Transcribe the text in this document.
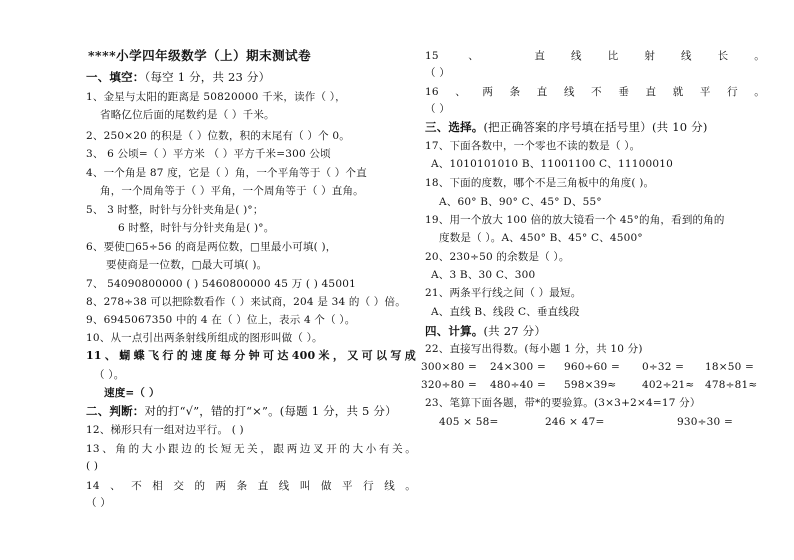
****小学四年级数学（上）期末测试卷
一、填空：（每空 1 分，共 23 分）
1、金星与太阳的距离是 50820000 千米，读作（ ），
省略亿位后面的尾数约是（ ）千米。
2、250×20 的积是（ ）位数，积的末尾有（ ）个 0。
3、 6 公顷=（ ）平方米 （ ）平方千米=300 公顷
4、一个角是 87 度，它是（ ）角，一个平角等于（ ）个直
角，一个周角等于（ ）平角，一个周角等于（ ）直角。
5、 3 时整，时针与分针夹角是( )°；
6 时整，时针与分针夹角是( )°。
6、要使□65÷56 的商是两位数，□里最小可填( )，
要使商是一位数，□最大可填( )。
7、 54090800000 ( ) 5460800000 45 万 ( ) 45001
8、278÷38 可以把除数看作（ ）来试商，204 是 34 的（ ）倍。
9、6945067350 中的 4 在（ ）位上，表示 4 个（ ）。
10、从一点引出两条射线所组成的图形叫做（ ）。
11、蝴蝶飞行的速度每分钟可达400米，又可以写成
（ ）。
速度=（ ）
二、判断：对的打“√”，错的打“×”。(每题 1 分，共 5 分）
12、梯形只有一组对边平行。 ( )
13、角的大小跟边的长短无关，跟两边叉开的大小有关。
( )
14、不相交的两条直线叫做平行线。
（ ）
15 、 直线比射线长。
（ ）
16、两条直线不垂直就平行。
（ ）
三、选择。(把正确答案的序号填在括号里）(共 10 分)
17、下面各数中，一个零也不读的数是（ ）。
A、1010101010 B、11001100 C、11100010
18、下面的度数，哪个不是三角板中的角度( )。
A、60° B、90° C、45° D、55°
19、用一个放大 100 倍的放大镜看一个 45°的角，看到的角的
度数是（ ）。A、450° B、45° C、4500°
20、230÷50 的余数是（ ）。
A、3 B、30 C、300
21、两条平行线之间（ ）最短。
A、直线 B、线段 C、垂直线段
四、计算。(共 27 分）
22、直接写出得数。(每小题 1 分，共 10 分)
300×80 = 24×300 = 960÷60 = 0÷32 = 18×50 =
320÷80 = 480÷40 = 598×39≈ 402÷21≈ 478÷81≈
23、笔算下面各题，带*的要验算。(3×3+2×4=17 分）
405 × 58=	246 × 47=	930÷30 =
